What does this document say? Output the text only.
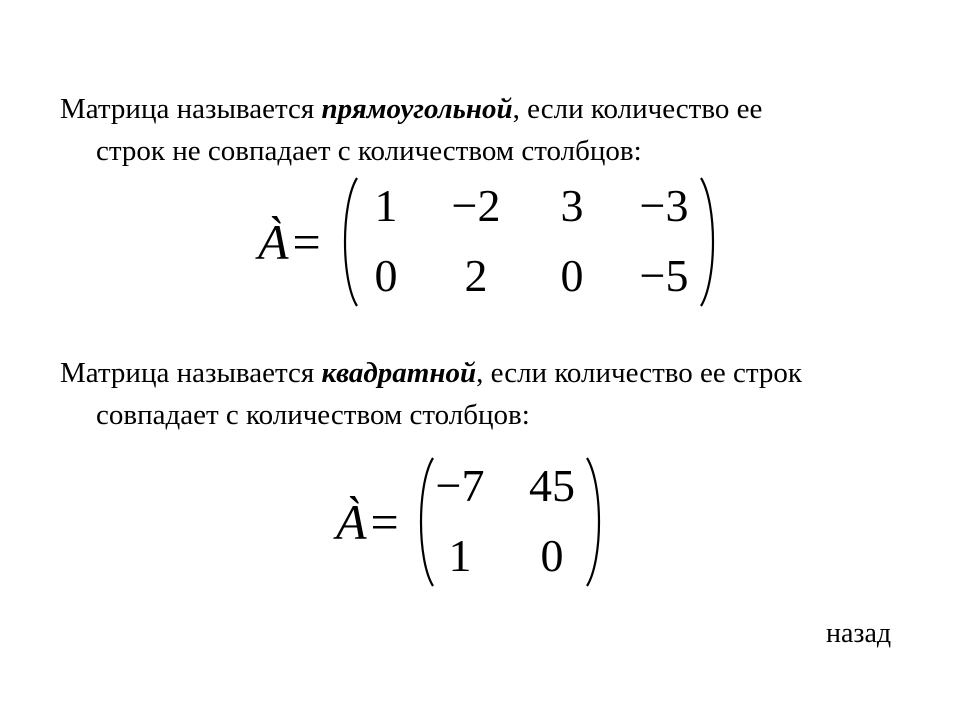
Матрица называется прямоугольной, если количество ее
строк не совпадает с количеством столбцов:

À=
1	−2	3	−3
0	2	0	−5

Матрица называется квадратной, если количество ее строк
совпадает с количеством столбцов:

À=
−7 45
1	0
назад
